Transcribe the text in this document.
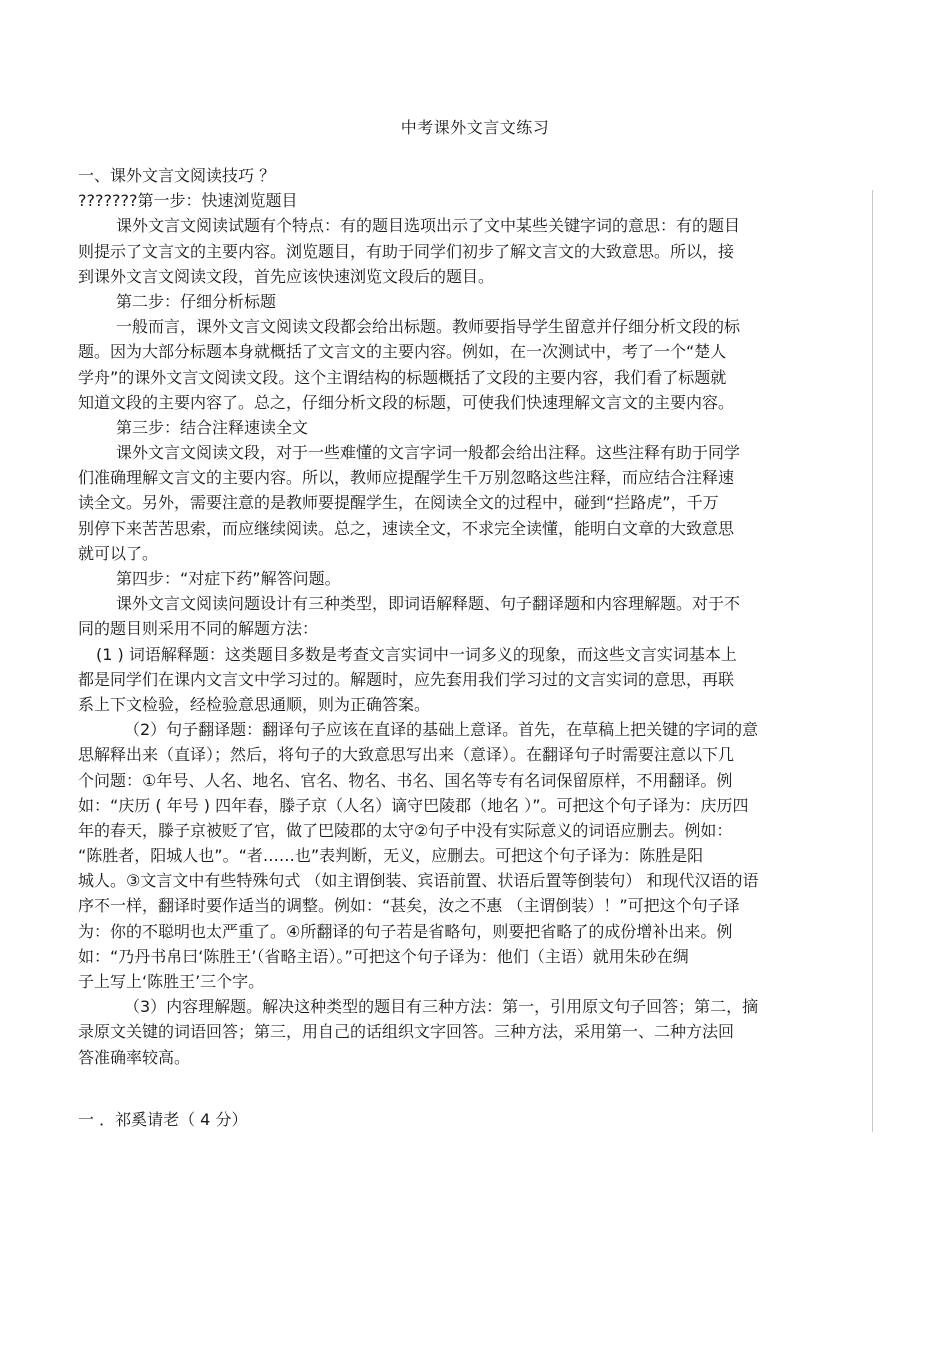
中考课外文言文练习
一、课外文言文阅读技巧 ？
???????第一步：快速浏览题目
课外文言文阅读试题有个特点：有的题目选项出示了文中某些关键字词的意思：有的题目
则提示了文言文的主要内容。浏览题目，有助于同学们初步了解文言文的大致意思。所以，接
到课外文言文阅读文段，首先应该快速浏览文段后的题目。
第二步：仔细分析标题
一般而言，课外文言文阅读文段都会给出标题。教师要指导学生留意并仔细分析文段的标
题。因为大部分标题本身就概括了文言文的主要内容。例如，在一次测试中，考了一个“楚人
学舟”的课外文言文阅读文段。这个主谓结构的标题概括了文段的主要内容，我们看了标题就
知道文段的主要内容了。总之，仔细分析文段的标题，可使我们快速理解文言文的主要内容。
第三步：结合注释速读全文
课外文言文阅读文段，对于一些难懂的文言字词一般都会给出注释。这些注释有助于同学
们准确理解文言文的主要内容。所以，教师应提醒学生千万别忽略这些注释，而应结合注释速
读全文。另外，需要注意的是教师要提醒学生，在阅读全文的过程中，碰到“拦路虎”，千万
别停下来苦苦思索，而应继续阅读。总之，速读全文，不求完全读懂，能明白文章的大致意思
就可以了。
第四步：“对症下药”解答问题。
课外文言文阅读问题设计有三种类型，即词语解释题、句子翻译题和内容理解题。对于不
同的题目则采用不同的解题方法：
(1 ) 词语解释题：这类题目多数是考查文言实词中一词多义的现象，而这些文言实词基本上
都是同学们在课内文言文中学习过的。解题时，应先套用我们学习过的文言实词的意思，再联
系上下文检验，经检验意思通顺，则为正确答案。
（2）句子翻译题：翻译句子应该在直译的基础上意译。首先，在草稿上把关键的字词的意
思解释出来（直译）；然后，将句子的大致意思写出来（意译）。在翻译句子时需要注意以下几
个问题：①年号、人名、地名、官名、物名、书名、国名等专有名词保留原样，不用翻译。例
如：“庆历 ( 年号 ) 四年春，滕子京（人名）谪守巴陵郡（地名 ）”。可把这个句子译为：庆历四
年的春天，滕子京被贬了官，做了巴陵郡的太守②句子中没有实际意义的词语应删去。例如：
“陈胜者，阳城人也”。“者……也”表判断，无义，应删去。可把这个句子译为：陈胜是阳
城人。③文言文中有些特殊句式 （如主谓倒装、宾语前置、状语后置等倒装句） 和现代汉语的语
序不一样，翻译时要作适当的调整。例如：“甚矣，汝之不惠 （主谓倒装）！”可把这个句子译
为：你的不聪明也太严重了。④所翻译的句子若是省略句，则要把省略了的成份增补出来。例
如：“乃丹书帛曰‘陈胜王’（省略主语）。”可把这个句子译为：他们（主语）就用朱砂在绸
子上写上‘陈胜王’三个字。
（3）内容理解题。解决这种类型的题目有三种方法：第一，引用原文句子回答；第二，摘
录原文关键的词语回答；第三，用自己的话组织文字回答。三种方法，采用第一、二种方法回
答准确率较高。
一 ．祁奚请老（ 4 分）
